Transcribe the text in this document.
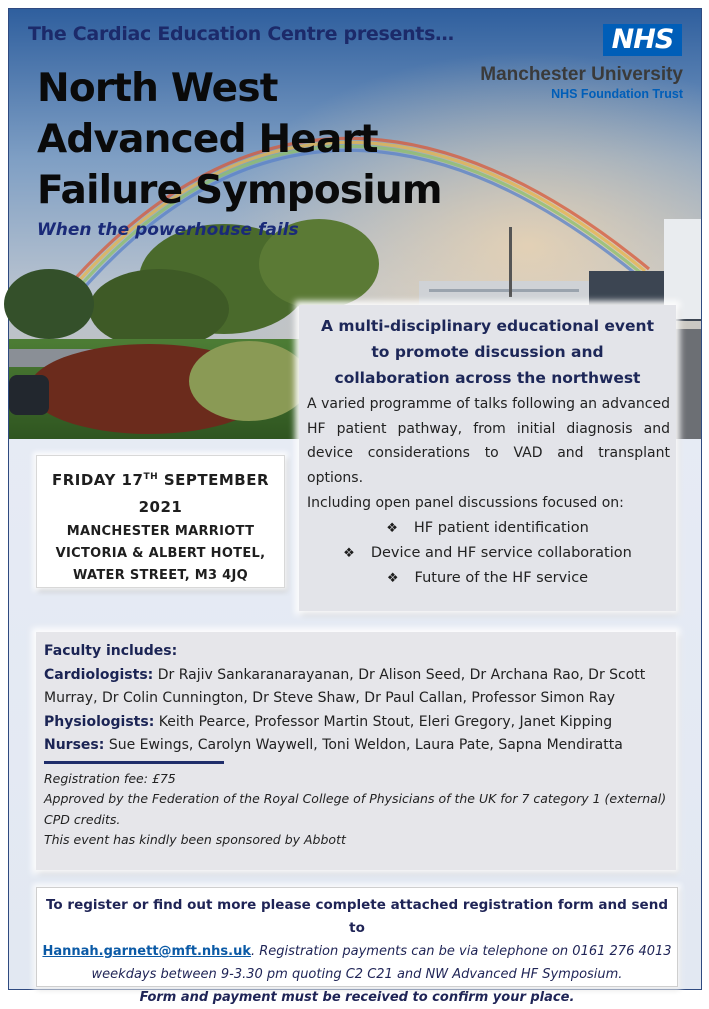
The Cardiac Education Centre presents…
North West
Advanced Heart
Failure Symposium
When the powerhouse fails
NHS
Manchester University
NHS Foundation Trust
A multi-disciplinary educational event
to promote discussion and
collaboration across the northwest
A varied programme of talks following an advanced HF patient pathway, from initial diagnosis and device considerations to VAD and transplant options.
Including open panel discussions focused on:
❖ HF patient identification
❖ Device and HF service collaboration
❖ Future of the HF service
FRIDAY 17TH SEPTEMBER
2021
MANCHESTER MARRIOTT
VICTORIA & ALBERT HOTEL,
WATER STREET, M3 4JQ
Faculty includes:
Cardiologists: Dr Rajiv Sankaranarayanan, Dr Alison Seed, Dr Archana Rao, Dr Scott Murray, Dr Colin Cunnington, Dr Steve Shaw, Dr Paul Callan, Professor Simon Ray
Physiologists: Keith Pearce, Professor Martin Stout, Eleri Gregory, Janet Kipping
Nurses: Sue Ewings, Carolyn Waywell, Toni Weldon, Laura Pate, Sapna Mendiratta
Registration fee: £75
Approved by the Federation of the Royal College of Physicians of the UK for 7 category 1 (external) CPD credits.
This event has kindly been sponsored by Abbott
To register or find out more please complete attached registration form and send to
Hannah.garnett@mft.nhs.uk. Registration payments can be via telephone on 0161 276 4013 weekdays between 9-3.30 pm quoting C2 C21 and NW Advanced HF Symposium.
Form and payment must be received to confirm your place.
